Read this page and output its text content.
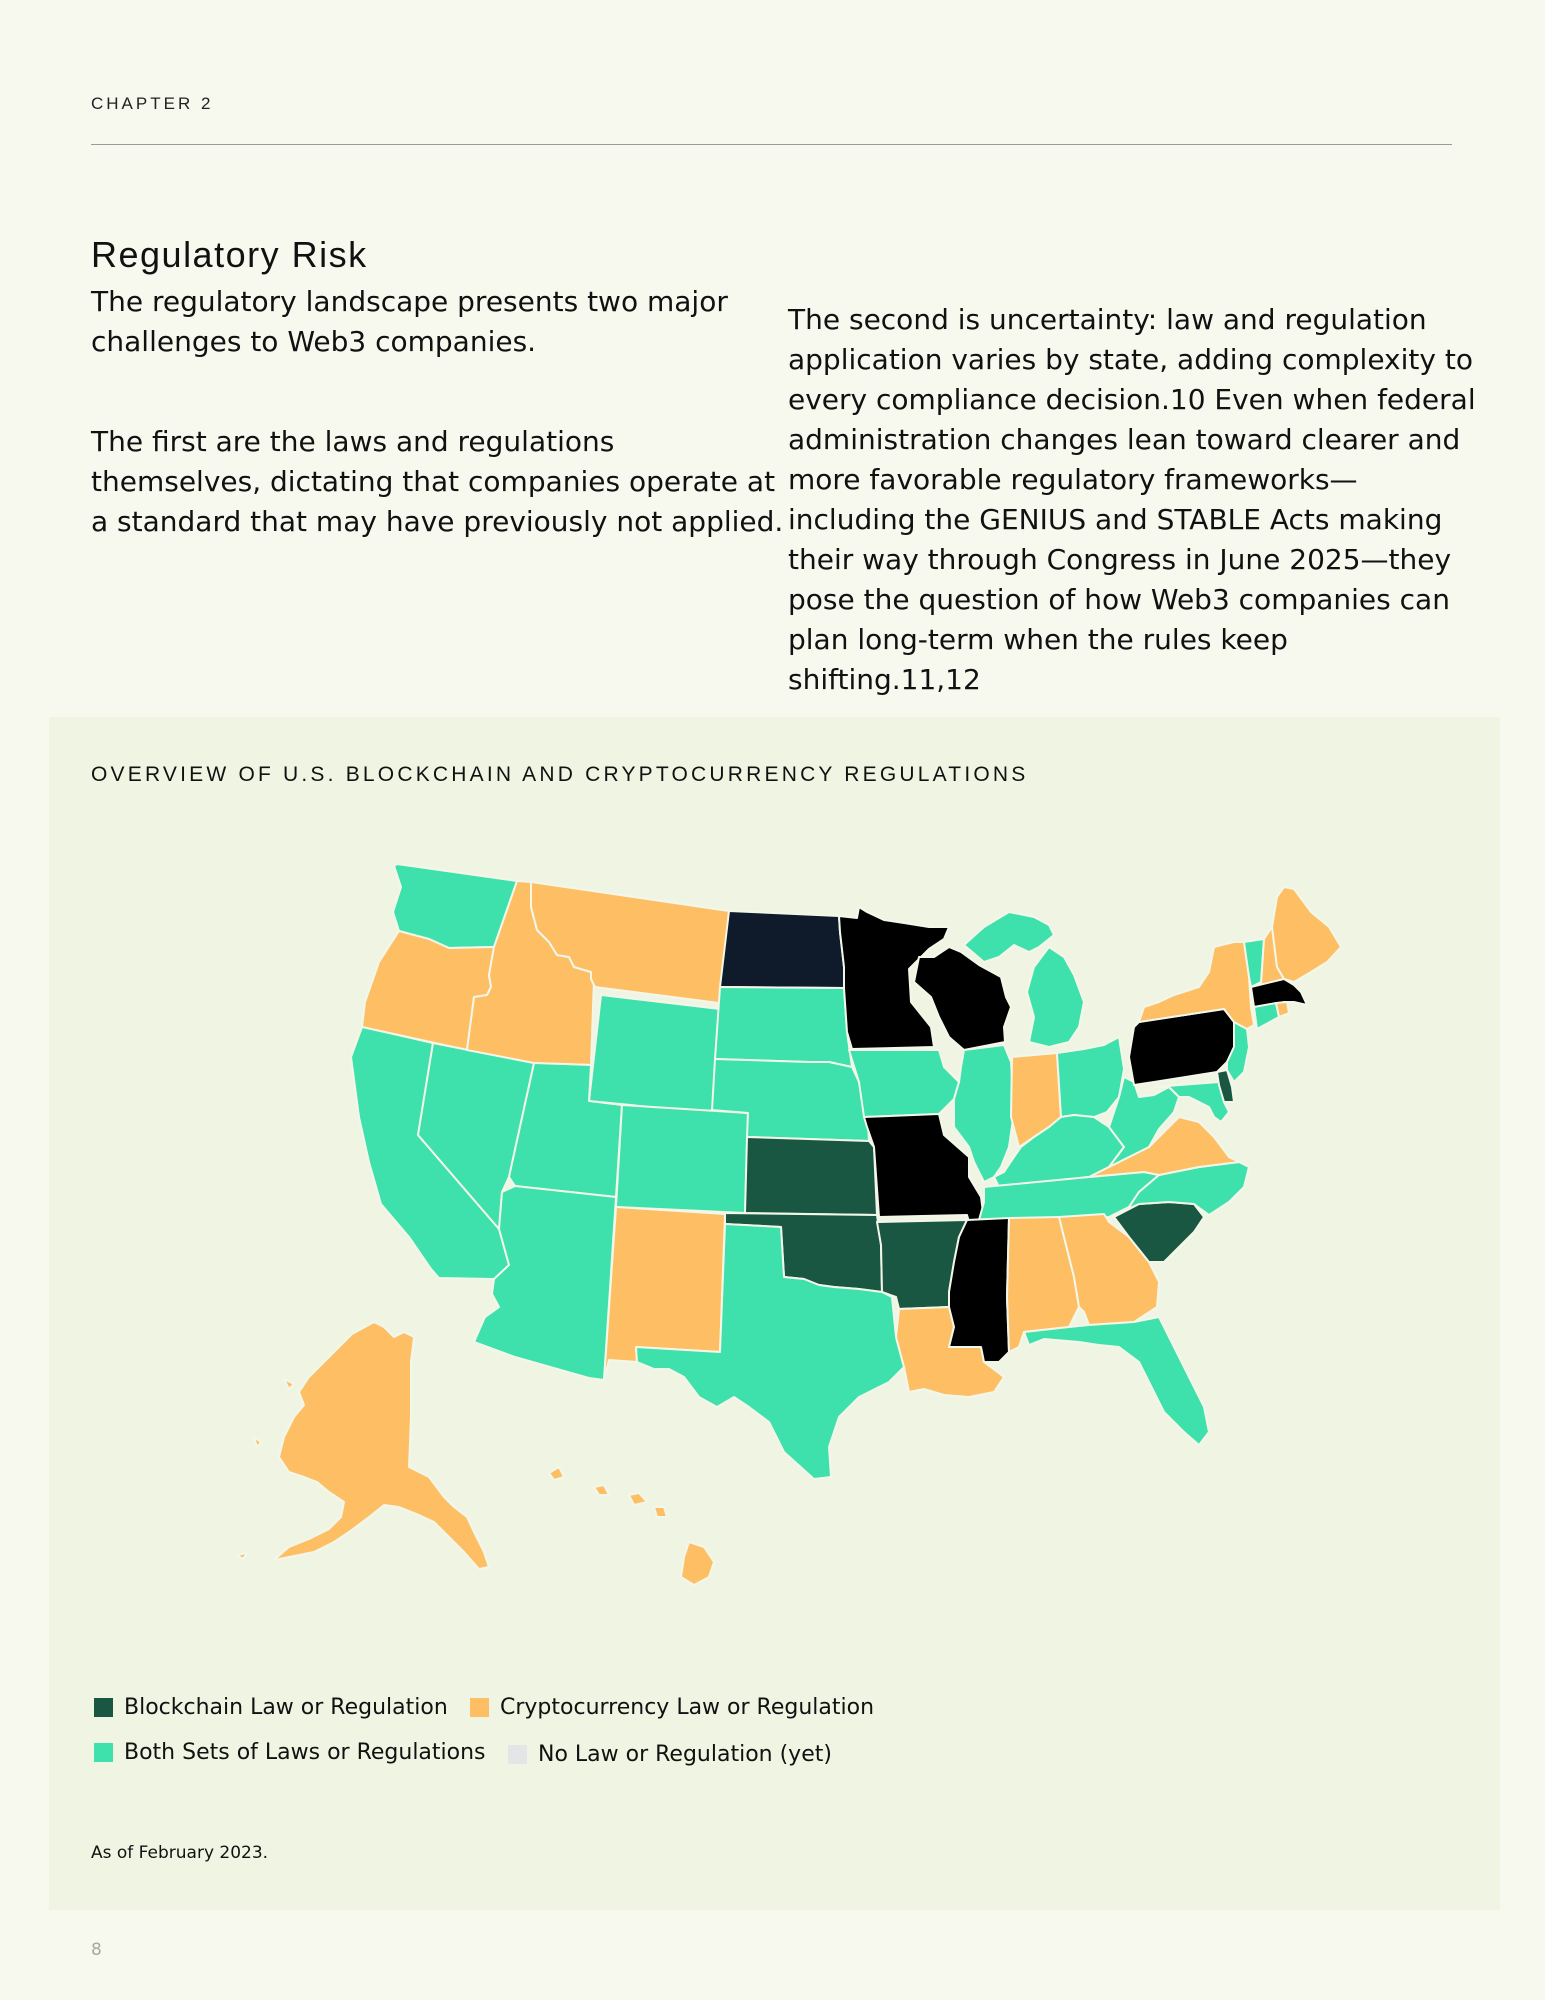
CHAPTER 2
Regulatory Risk

The regulatory landscape presents two major challenges to Web3 companies.

The first are the laws and regulations themselves, dictating that companies operate at a standard that may have previously not applied.

The second is uncertainty: law and regulation application varies by state, adding complexity to every compliance decision.10 Even when federal administration changes lean toward clearer and more favorable regulatory frameworks—including the GENIUS and STABLE Acts making their way through Congress in June 2025—they pose the question of how Web3 companies can plan long-term when the rules keep shifting.11,12

OVERVIEW OF U.S. BLOCKCHAIN AND CRYPTOCURRENCY REGULATIONS
Blockchain Law or Regulation Cryptocurrency Law or Regulation
Both Sets of Laws or Regulations No Law or Regulation (yet)
As of February 2023.
8
